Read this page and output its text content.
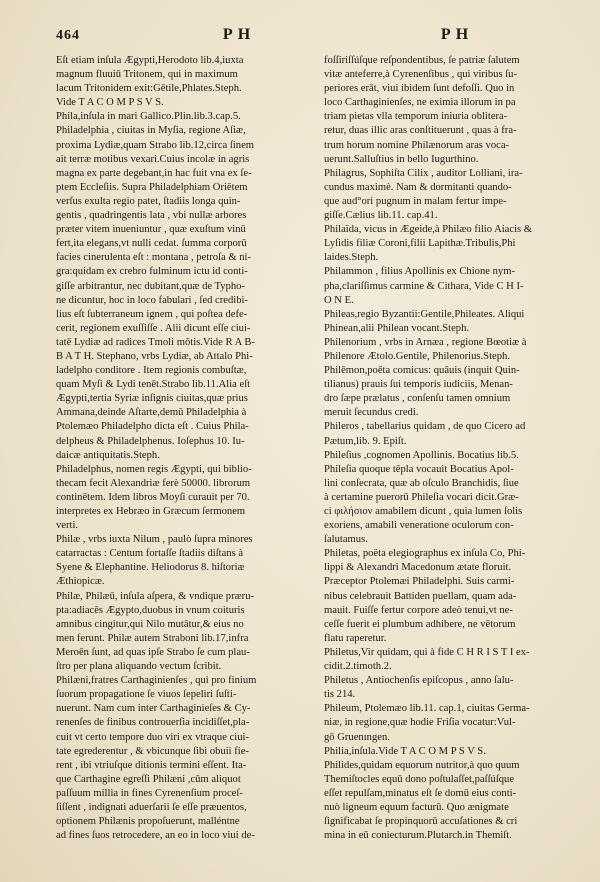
464	P H	P H

Eſt etiam inſula Ægypti,Herodoto lib.4,iuxta

magnum fluuiū Tritonem, qui in maximum

lacum Tritonidem exit:Gētile,Phlates.Steph.

Vide T A C O M P S V S.

Phila,inſula in mari Gallico.Plin.lib.3.cap.5.

Philadelphia , ciuitas in Myſia, regione Aſiæ,

proxima Lydiæ,quam Strabo lib.12,circa ſinem

ait terræ motibus vexari.Cuius incolæ in agris

magna ex parte degebant,in hac fuit vna ex ſe-

ptem Eccleſiis. Supra Philadelphiam Oriētem

verſus exulta regio patet, ſtadiis longa quin-

gentis , quadringentis lata , vbi nullæ arbores

præter vitem inueniuntur , quæ exuſtum vinū

fert,ita elegans,vt nulli cedat. ſumma corporū

facies cinerulenta eſt : montana , petroſa & ni-

gra:quidam ex crebro fulminum ictu id conti-

giſſe arbitrantur, nec dubitant,quæ de Typho-

ne dicuntur, hoc in loco fabulari , ſed credibi-

lius eſt ſubterraneum ignem , qui poſtea defe-

cerit, regionem exuſſiſſe . Alii dicunt eſſe ciui-

tatē Lydiæ ad radices Tmoli mōtis.Vide R A B-

B A T H. Stephano, vrbs Lydiæ, ab Attalo Phi-

ladelpho conditore . Item regionis combuſtæ,

quam Myſi & Lydi tenēt.Strabo lib.11.Alia eſt

Ægypti,tertia Syriæ inſignis ciuitas,quæ prius

Ammana,deinde Aſtarte,demū Philadelphia à

Ptolemæo Philadelpho dicta eſt . Cuius Phila-

delpheus & Philadelphenus. Ioſephus 10. Iu-

daicæ antiquitatis.Steph.

Philadelphus, nomen regis Ægypti, qui biblio-

thecam fecit Alexandriæ ferè 50000. librorum

continētem. Idem libros Moyſi curauit per 70.

interpretes ex Hebræo in Græcum ſermonem

verti.

Philæ , vrbs iuxta Nilum , paulò ſupra minores

catarractas : Centum fortaſſe ſtadiis diſtans à

Syene & Elephantine. Heliodorus 8. hiſtoriæ

Æthiopicæ.

Philæ, Philæū, inſula aſpera, & vndique præru-

pta:adiacēs Ægypto,duobus in vnum coituris

amnibus cingitur,qui Nilo mutātur,& eius no

men ferunt. Philæ autem Straboni lib.17,infra

Meroēn ſunt, ad quas ipſe Strabo ſe cum plau-

ſtro per plana aliquando vectum ſcribit.

Philæni,fratres Carthaginienſes , qui pro finium

ſuorum propagatione ſe viuos ſepeliri ſuſti-

nuerunt. Nam cum inter Carthaginieſes & Cy-

renenſes de finibus controuerſia incidiſſet,pla-

cuit vt certo tempore duo viri ex vtraque ciui-

tate egrederentur , & vbicunque ſibi obuii fie-

rent , ibi vtriuſque ditionis termini eſſent. Ita-

que Carthagine egreſſi Philæni ,cūm aliquot

paſſuum millia in fines Cyrenenſium proceſ-

ſiſſent , indignati aduerſarii ſe eſſe præuentos,

optionem Philænis propoſuerunt, malléntne

ad fines ſuos retrocedere, an eo in loco viui de-

foſſiriſſúſque reſpondentibus, ſe patriæ ſalutem

vitæ anteferre,à Cyrenenſibus , qui viribus ſu-

periores erāt, viui ibidem ſunt defoſſi. Quo in

loco Carthaginienſes, ne eximia illorum in pa

triam pietas vlla temporum iniuria oblitera-

retur, duas illic aras conſtituerunt , quas à fra-

trum horum nomine Philænorum aras voca-

uerunt.Salluſtius in bello Iugurthino.

Philagrus, Sophiſta Cilix , auditor Lolliani, ira-

cundus maximè. Nam & dormitanti quando-

que aud°ori pugnum in malam fertur impe-

giſſe.Cælius lib.11. cap.41.

Philaïda, vicus in Ægeide,à Philæo filio Aiacis &

Lyſidis filiæ Coroni,filii Lapithæ.Tribulis,Phi

laides.Steph.

Philammon , filius Apollinis ex Chione nym-

pha,clariſſimus carmine & Cithara, Vide C H I-

O N E.

Phileas,regio Byzantii:Gentile,Phileates. Aliqui

Phinean,alii Philean vocant.Steph.

Philenorium , vrbs in Arnæa , regione Bœotiæ à

Philenore Ætolo.Gentile, Philenorius.Steph.

Philēmon,poēta comicus: quāuis (inquit Quin-

tilianus) prauis ſui temporis iudiciis, Menan-

dro ſæpe prælatus , conſenſu tamen omnium

meruit ſecundus credi.

Phileros , tabellarius quidam , de quo Cicero ad

Pætum,lib. 9. Epiſt.

Phileſius ,cognomen Apollinis. Bocatius lib.5.

Phileſia quoque tēpla vocauit Bocatius Apol-

lini conſecrata, quæ ab oſculo Branchidis, ſiue

à certamine puerorū Phileſia vocari dicit.Græ-

ci φιλήσιον amabilem dicunt , quia lumen ſolis

exoriens, amabili veneratione oculorum con-

ſalutamus.

Philetas, poëta elegiographus ex inſula Co, Phi-

lippi & Alexandri Macedonum ætate floruit.

Præceptor Ptolemæi Philadelphi. Suis carmi-

nibus celebrauit Battiden puellam, quam ada-

mauit. Fuiſſe fertur corpore adeò tenui,vt ne-

ceſſe fuerit ei plumbum adhibere, ne vētorum

flatu raperetur.

Philetus,Vir quidam, qui à fide C H R I S T I ex-

cidit.2.timoth.2.

Philetus , Antiochenſis epiſcopus , anno ſalu-

tis 214.

Phileum, Ptolemæo lib.11. cap.1, ciuitas Germa-

niæ, in regione,quæ hodie Friſia vocatur:Vul-

gō Gruenıngen.

Philia,inſula.Vide T A C O M P S V S.

Philides,quidam equorum nutritor,à quo quum

Themiſtocles equū dono poſtulaſſet,paſſúſque

eſſet repulſam,minatus eſt ſe domū eius conti-

nuò ligneum equum facturū. Quo ænigmate

ſignificabat ſe propinquorū accuſationes & cri

mina in eū coniecturum.Plutarch.in Themiſt.
